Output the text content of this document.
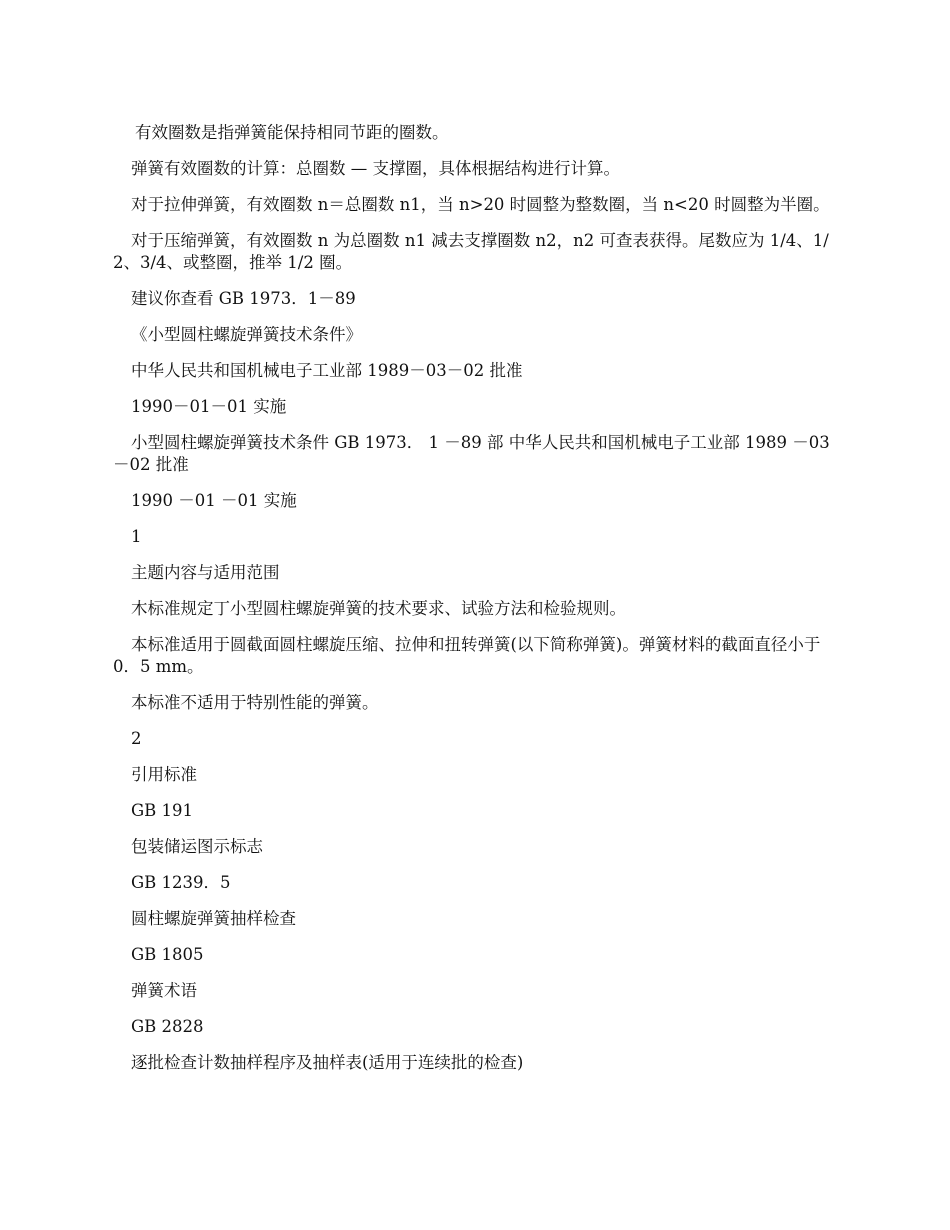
有效圈数是指弹簧能保持相同节距的圈数。

弹簧有效圈数的计算：总圈数 — 支撑圈，具体根据结构进行计算。

对于拉伸弹簧，有效圈数 n＝总圈数 n1，当 n>20 时圆整为整数圈，当 n<20 时圆整为半圈。

对于压缩弹簧，有效圈数 n 为总圈数 n1 减去支撑圈数 n2，n2 可查表获得。尾数应为 1/4、1/2、3/4、或整圈，推举 1/2 圈。

建议你查看 GB 1973．1－89

《小型圆柱螺旋弹簧技术条件》

中华人民共和国机械电子工业部 1989－03－02 批准

1990－01－01 实施

小型圆柱螺旋弹簧技术条件 GB 1973． 1 －89 部 中华人民共和国机械电子工业部 1989 －03 －02 批准

1990 －01 －01 实施

1

主题内容与适用范围

木标准规定丁小型圆柱螺旋弹簧的技术要求、试验方法和检验规则。

本标准适用于圆截面圆柱螺旋压缩、拉伸和扭转弹簧(以下简称弹簧)。弹簧材料的截面直径小于 0．5 mm。

本标准不适用于特别性能的弹簧。

2

引用标准

GB 191

包装储运图示标志

GB 1239．5

圆柱螺旋弹簧抽样检查

GB 1805

弹簧术语

GB 2828

逐批检查计数抽样程序及抽样表(适用于连续批的检查)
